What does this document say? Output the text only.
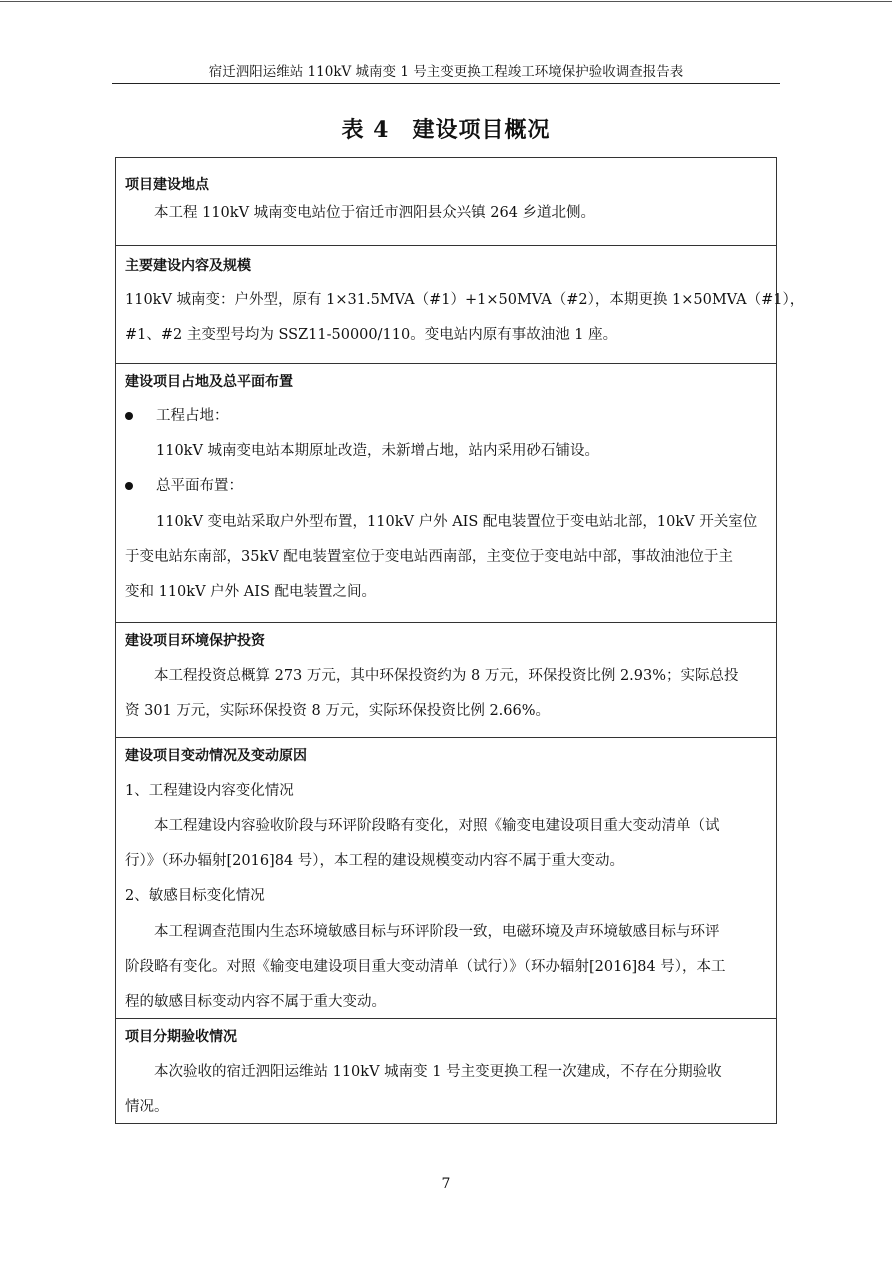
宿迁泗阳运维站 110kV 城南变 1 号主变更换工程竣工环境保护验收调查报告表
表 4　建设项目概况
项目建设地点
本工程 110kV 城南变电站位于宿迁市泗阳县众兴镇 264 乡道北侧。
主要建设内容及规模
110kV 城南变：户外型，原有 1×31.5MVA（#1）+1×50MVA（#2），本期更换 1×50MVA（#1），
#1、#2 主变型号均为 SSZ11-50000/110。变电站内原有事故油池 1 座。
建设项目占地及总平面布置
工程占地：
110kV 城南变电站本期原址改造，未新增占地，站内采用砂石铺设。
总平面布置：
110kV 变电站采取户外型布置，110kV 户外 AIS 配电装置位于变电站北部，10kV 开关室位
于变电站东南部，35kV 配电装置室位于变电站西南部，主变位于变电站中部，事故油池位于主
变和 110kV 户外 AIS 配电装置之间。
建设项目环境保护投资
本工程投资总概算 273 万元，其中环保投资约为 8 万元，环保投资比例 2.93%；实际总投
资 301 万元，实际环保投资 8 万元，实际环保投资比例 2.66%。
建设项目变动情况及变动原因
1、工程建设内容变化情况
本工程建设内容验收阶段与环评阶段略有变化，对照《输变电建设项目重大变动清单（试
行）》（环办辐射[2016]84 号），本工程的建设规模变动内容不属于重大变动。
2、敏感目标变化情况
本工程调查范围内生态环境敏感目标与环评阶段一致，电磁环境及声环境敏感目标与环评
阶段略有变化。对照《输变电建设项目重大变动清单（试行）》（环办辐射[2016]84 号），本工
程的敏感目标变动内容不属于重大变动。
项目分期验收情况
本次验收的宿迁泗阳运维站 110kV 城南变 1 号主变更换工程一次建成，不存在分期验收
情况。
7
